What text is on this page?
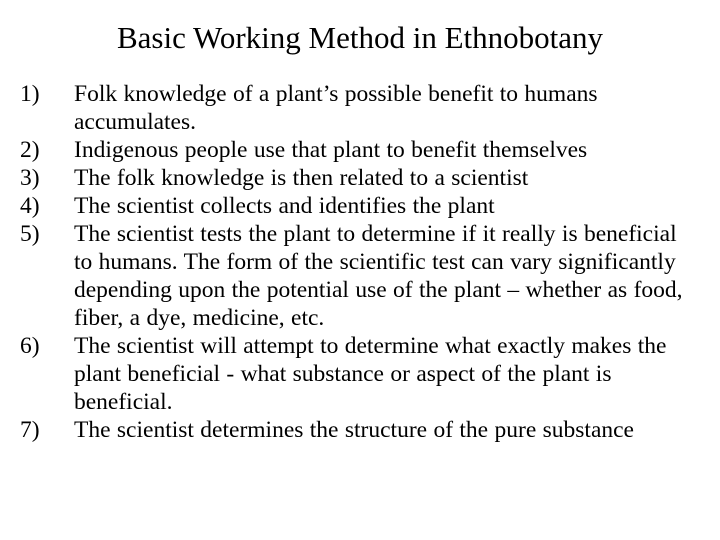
Basic Working Method in Ethnobotany
1)	Folk knowledge of a plant’s possible benefit to humans accumulates.
2)	Indigenous people use that plant to benefit themselves
3)	The folk knowledge is then related to a scientist
4)	The scientist collects and identifies the plant
5)	The scientist tests the plant to determine if it really is beneficial to humans. The form of the scientific test can vary significantly depending upon the potential use of the plant – whether as food, fiber, a dye, medicine, etc.
6)	The scientist will attempt to determine what exactly makes the plant beneficial - what substance or aspect of the plant is beneficial.
7)	The scientist determines the structure of the pure substance
